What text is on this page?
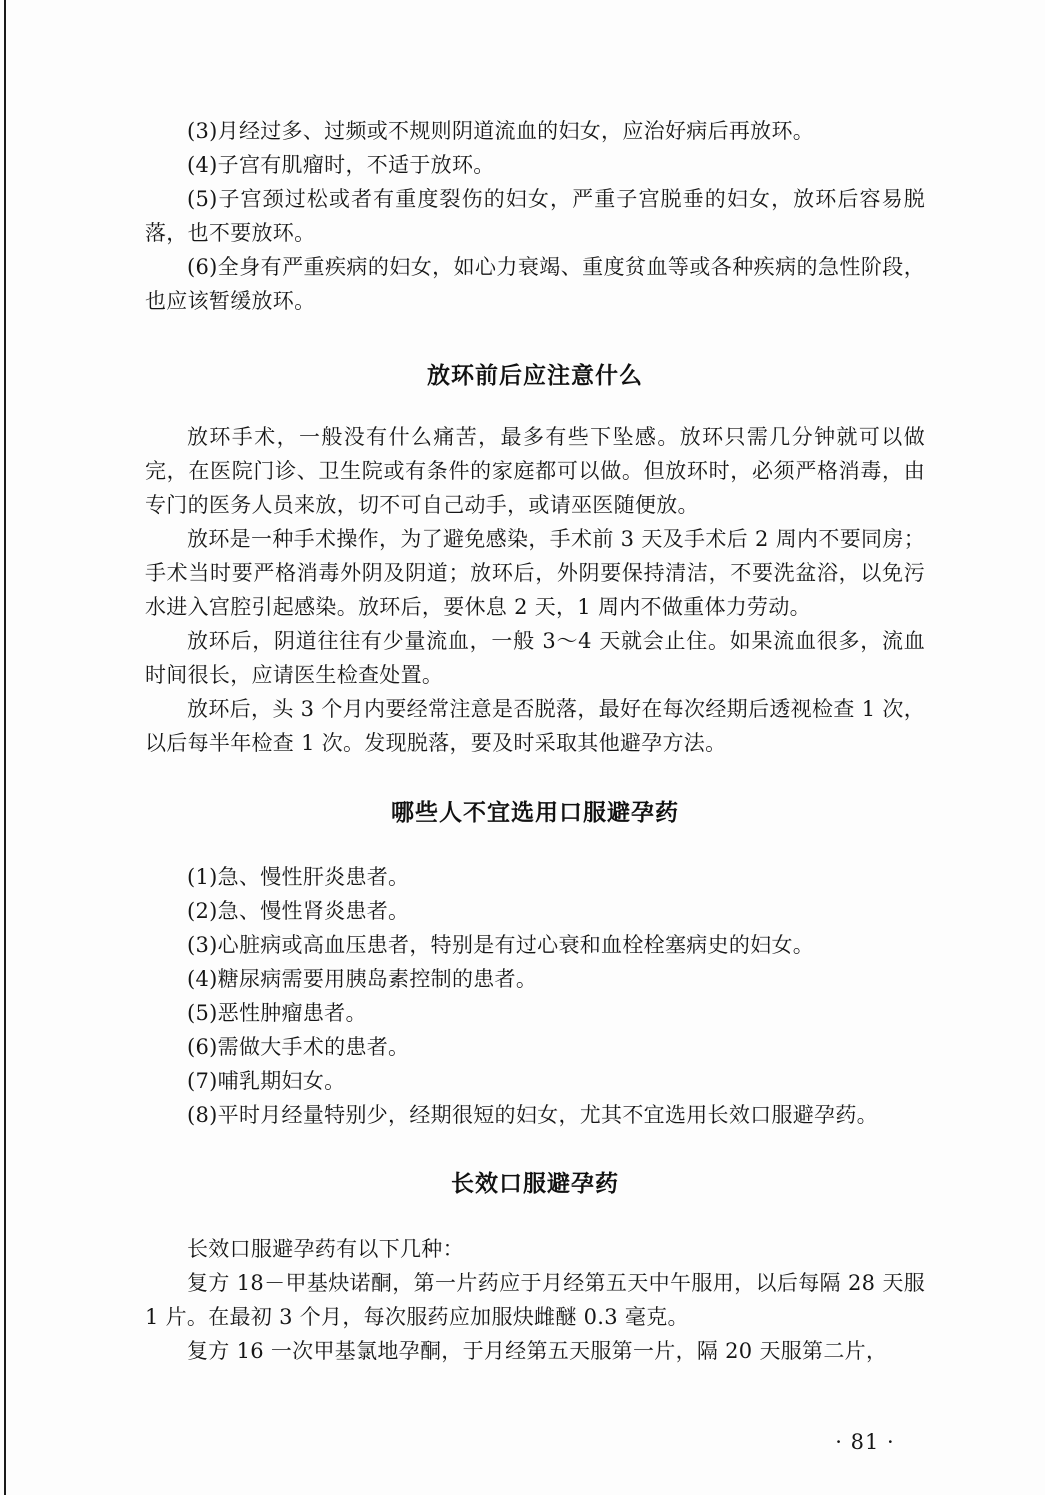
(3)月经过多、过频或不规则阴道流血的妇女，应治好病后再放环。

(4)子宫有肌瘤时，不适于放环。

(5)子宫颈过松或者有重度裂伤的妇女，严重子宫脱垂的妇女，放环后容易脱落，也不要放环。

(6)全身有严重疾病的妇女，如心力衰竭、重度贫血等或各种疾病的急性阶段，也应该暂缓放环。

放环前后应注意什么

放环手术，一般没有什么痛苦，最多有些下坠感。放环只需几分钟就可以做完，在医院门诊、卫生院或有条件的家庭都可以做。但放环时，必须严格消毒，由专门的医务人员来放，切不可自己动手，或请巫医随便放。

放环是一种手术操作，为了避免感染，手术前 3 天及手术后 2 周内不要同房；手术当时要严格消毒外阴及阴道；放环后，外阴要保持清洁，不要洗盆浴，以免污水进入宫腔引起感染。放环后，要休息 2 天，1 周内不做重体力劳动。

放环后，阴道往往有少量流血，一般 3～4 天就会止住。如果流血很多，流血时间很长，应请医生检查处置。

放环后，头 3 个月内要经常注意是否脱落，最好在每次经期后透视检查 1 次，以后每半年检查 1 次。发现脱落，要及时采取其他避孕方法。

哪些人不宜选用口服避孕药

(1)急、慢性肝炎患者。

(2)急、慢性肾炎患者。

(3)心脏病或高血压患者，特别是有过心衰和血栓栓塞病史的妇女。

(4)糖尿病需要用胰岛素控制的患者。

(5)恶性肿瘤患者。

(6)需做大手术的患者。

(7)哺乳期妇女。

(8)平时月经量特别少，经期很短的妇女，尤其不宜选用长效口服避孕药。

长效口服避孕药

长效口服避孕药有以下几种：

复方 18－甲基炔诺酮，第一片药应于月经第五天中午服用，以后每隔 28 天服 1 片。在最初 3 个月，每次服药应加服炔雌醚 0.3 毫克。

复方 16 一次甲基氯地孕酮，于月经第五天服第一片，隔 20 天服第二片，

· 81 ·
